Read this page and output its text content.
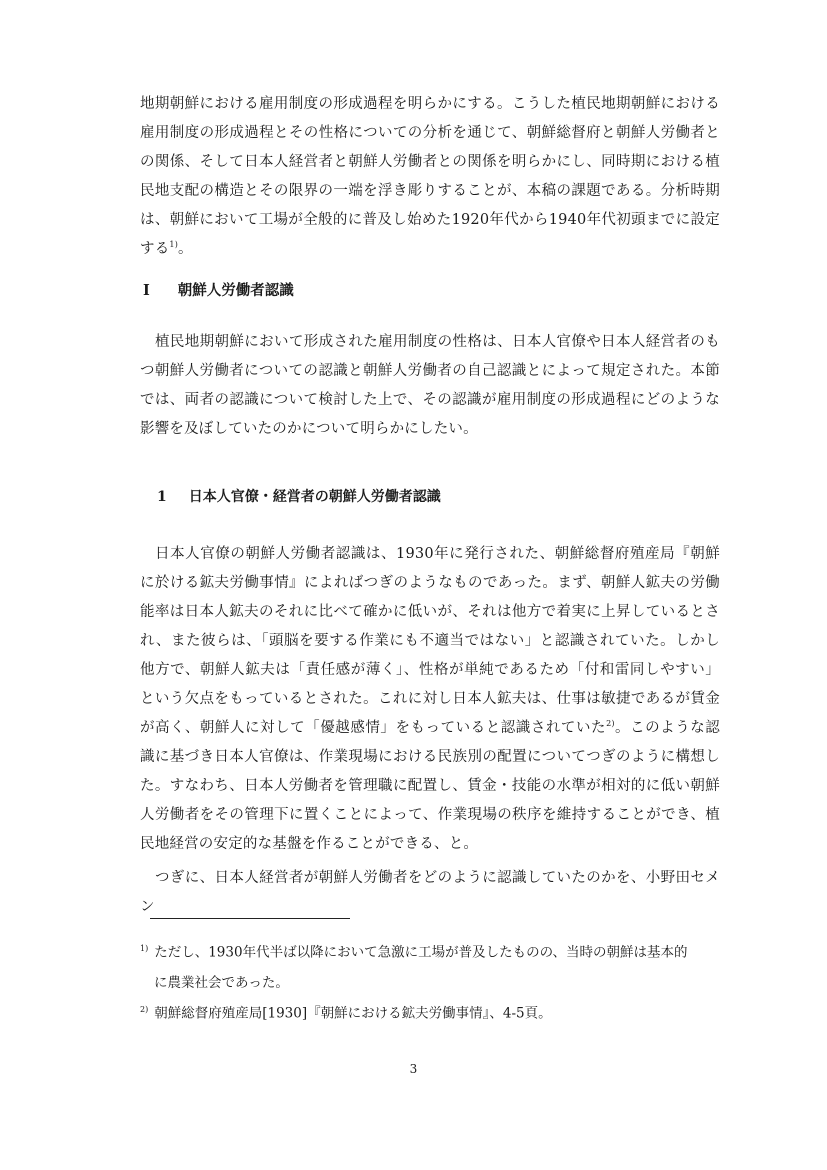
地期朝鮮における雇用制度の形成過程を明らかにする。こうした植民地期朝鮮における雇用制度の形成過程とその性格についての分析を通じて、朝鮮総督府と朝鮮人労働者との関係、そして日本人経営者と朝鮮人労働者との関係を明らかにし、同時期における植民地支配の構造とその限界の一端を浮き彫りすることが、本稿の課題である。分析時期は、朝鮮において工場が全般的に普及し始めた1920年代から1940年代初頭までに設定する$^{1)}$。

I 朝鮮人労働者認識

植民地期朝鮮において形成された雇用制度の性格は、日本人官僚や日本人経営者のもつ朝鮮人労働者についての認識と朝鮮人労働者の自己認識とによって規定された。本節では、両者の認識について検討した上で、その認識が雇用制度の形成過程にどのような影響を及ぼしていたのかについて明らかにしたい。

1 日本人官僚・経営者の朝鮮人労働者認識

日本人官僚の朝鮮人労働者認識は、1930年に発行された、朝鮮総督府殖産局『朝鮮に於ける鉱夫労働事情』によればつぎのようなものであった。まず、朝鮮人鉱夫の労働能率は日本人鉱夫のそれに比べて確かに低いが、それは他方で着実に上昇しているとされ、また彼らは、「頭脳を要する作業にも不適当ではない」と認識されていた。しかし他方で、朝鮮人鉱夫は「責任感が薄く」、性格が単純であるため「付和雷同しやすい」という欠点をもっているとされた。これに対し日本人鉱夫は、仕事は敏捷であるが賃金が高く、朝鮮人に対して「優越感情」をもっていると認識されていた$^{2)}$。このような認識に基づき日本人官僚は、作業現場における民族別の配置についてつぎのように構想した。すなわち、日本人労働者を管理職に配置し、賃金・技能の水準が相対的に低い朝鮮人労働者をその管理下に置くことによって、作業現場の秩序を維持することができ、植民地経営の安定的な基盤を作ることができる、と。

つぎに、日本人経営者が朝鮮人労働者をどのように認識していたのかを、小野田セメン

$^{1)}$ ただし、1930年代半ば以降において急激に工場が普及したものの、当時の朝鮮は基本的
に農業社会であった。

$^{2)}$ 朝鮮総督府殖産局[1930]『朝鮮における鉱夫労働事情』、4-5頁。

3
